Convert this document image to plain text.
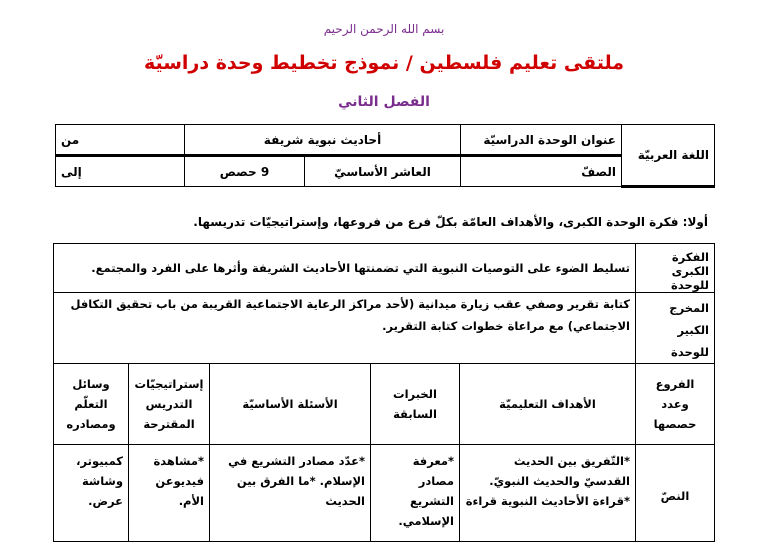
بسم الله الرحمن الرحيم
ملتقى تعليم فلسطين / نموذج تخطيط وحدة دراسيّة
الفصل الثاني
اللغة العربيّة	عنوان الوحدة الدراسيّة	أحاديث نبوية شريفة		من
	الصفّ	العاشر الأساسيّ	9 حصص	إلى
أولا: فكرة الوحدة الكبرى، والأهداف العامّة بكلّ فرع من فروعها، وإستراتيجيّات تدريسها.
الفكرة الكبرى للوحدة	تسليط الضوء على التوصيات النبوية التي تضمنتها الأحاديث الشريفة وأثرها على الفرد والمجتمع.				
المخرج الكبير للوحدة	كتابة تقرير وصفي عقب زيارة ميدانية (لأحد مراكز الرعاية الاجتماعية القريبة من باب تحقيق التكافل الاجتماعي) مع مراعاة خطوات كتابة التقرير.				
الفروع وعدد حصصها	الأهداف التعليميّة	الخبرات السابقة	الأسئلة الأساسيّة	إستراتيجيّات التدريس المقترحة	وسائل التعلّم ومصادره
النصّ	*التّفريق بين الحديث القدسيّ والحديث النبويّ. *قراءة الأحاديث النبوية قراءة	*معرفة مصادر التشريع الإسلامي.	*عدّد مصادر التشريع في الإسلام. *ما الفرق بين الحديث	*مشاهدة فيديوعن الأم.	كمبيوتر، وشاشة عرض.
